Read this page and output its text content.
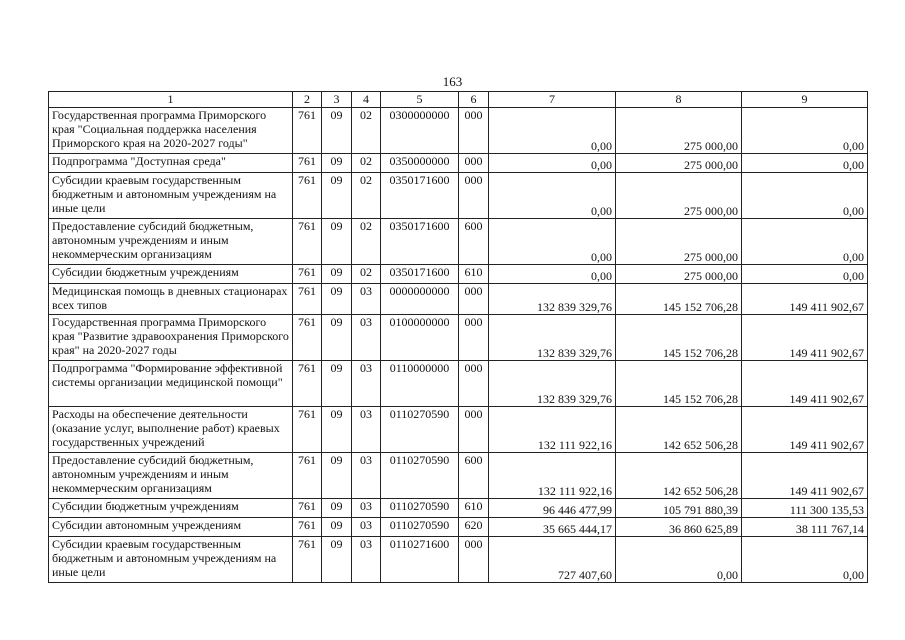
163
1	2	3	4	5	6	7	8	9
Государственная программа Приморского края "Социальная поддержка населения Приморского края на 2020-2027 годы"	761	09	02	0300000000	000	0,00	275 000,00	0,00
Подпрограмма "Доступная среда"	761	09	02	0350000000	000	0,00	275 000,00	0,00
Субсидии краевым государственным бюджетным и автономным учреждениям на иные цели	761	09	02	0350171600	000	0,00	275 000,00	0,00
Предоставление субсидий бюджетным, автономным учреждениям и иным некоммерческим организациям	761	09	02	0350171600	600	0,00	275 000,00	0,00
Субсидии бюджетным учреждениям	761	09	02	0350171600	610	0,00	275 000,00	0,00
Медицинская помощь в дневных стационарах всех типов	761	09	03	0000000000	000	132 839 329,76	145 152 706,28	149 411 902,67
Государственная программа Приморского края "Развитие здравоохранения Приморского края" на 2020-2027 годы	761	09	03	0100000000	000	132 839 329,76	145 152 706,28	149 411 902,67
Подпрограмма "Формирование эффективной системы организации медицинской помощи"	761	09	03	0110000000	000	132 839 329,76	145 152 706,28	149 411 902,67
Расходы на обеспечение деятельности (оказание услуг, выполнение работ) краевых государственных учреждений	761	09	03	0110270590	000	132 111 922,16	142 652 506,28	149 411 902,67
Предоставление субсидий бюджетным, автономным учреждениям и иным некоммерческим организациям	761	09	03	0110270590	600	132 111 922,16	142 652 506,28	149 411 902,67
Субсидии бюджетным учреждениям	761	09	03	0110270590	610	96 446 477,99	105 791 880,39	111 300 135,53
Субсидии автономным учреждениям	761	09	03	0110270590	620	35 665 444,17	36 860 625,89	38 111 767,14
Субсидии краевым государственным бюджетным и автономным учреждениям на иные цели	761	09	03	0110271600	000	727 407,60	0,00	0,00
